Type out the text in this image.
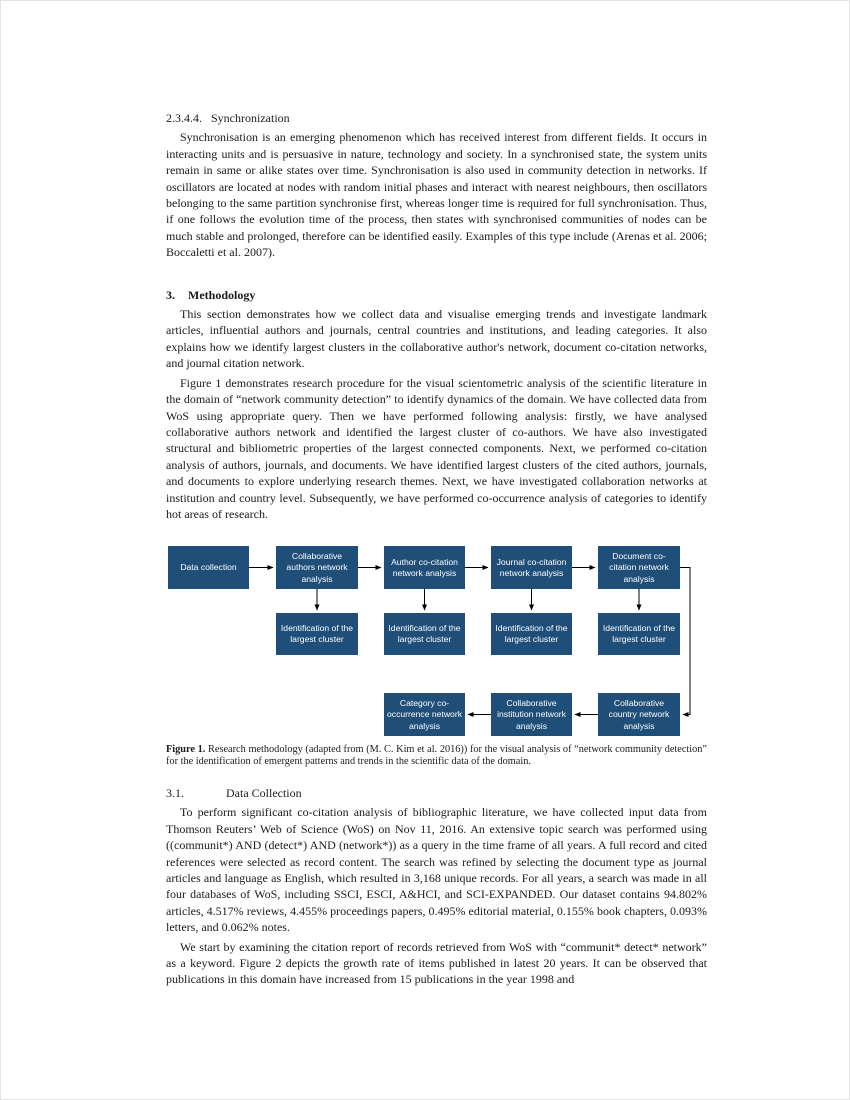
2.3.4.4. Synchronization

Synchronisation is an emerging phenomenon which has received interest from different fields. It occurs in interacting units and is persuasive in nature, technology and society. In a synchronised state, the system units remain in same or alike states over time. Synchronisation is also used in community detection in networks. If oscillators are located at nodes with random initial phases and interact with nearest neighbours, then oscillators belonging to the same partition synchronise first, whereas longer time is required for full synchronisation. Thus, if one follows the evolution time of the process, then states with synchronised communities of nodes can be much stable and prolonged, therefore can be identified easily. Examples of this type include (Arenas et al. 2006; Boccaletti et al. 2007).

3. Methodology

This section demonstrates how we collect data and visualise emerging trends and investigate landmark articles, influential authors and journals, central countries and institutions, and leading categories. It also explains how we identify largest clusters in the collaborative author's network, document co-citation networks, and journal citation network.

Figure 1 demonstrates research procedure for the visual scientometric analysis of the scientific literature in the domain of “network community detection” to identify dynamics of the domain. We have collected data from WoS using appropriate query. Then we have performed following analysis: firstly, we have analysed collaborative authors network and identified the largest cluster of co-authors. We have also investigated structural and bibliometric properties of the largest connected components. Next, we performed co-citation analysis of authors, journals, and documents. We have identified largest clusters of the cited authors, journals, and documents to explore underlying research themes. Next, we have investigated collaboration networks at institution and country level. Subsequently, we have performed co-occurrence analysis of categories to identify hot areas of research.

Data collection
Collaborative authors network analysis
Author co-citation network analysis
Journal co-citation network analysis
Document co-citation network analysis
Identification of the largest cluster
Identification of the largest cluster
Identification of the largest cluster
Identification of the largest cluster
Category co-occurrence network analysis
Collaborative institution network analysis
Collaborative country network analysis

Figure 1. Research methodology (adapted from (M. C. Kim et al. 2016)) for the visual analysis of “network community detection” for the identification of emergent patterns and trends in the scientific data of the domain.

3.1.	Data Collection

To perform significant co-citation analysis of bibliographic literature, we have collected input data from Thomson Reuters’ Web of Science (WoS) on Nov 11, 2016. An extensive topic search was performed using ((communit*) AND (detect*) AND (network*)) as a query in the time frame of all years. A full record and cited references were selected as record content. The search was refined by selecting the document type as journal articles and language as English, which resulted in 3,168 unique records. For all years, a search was made in all four databases of WoS, including SSCI, ESCI, A&HCI, and SCI-EXPANDED. Our dataset contains 94.802% articles, 4.517% reviews, 4.455% proceedings papers, 0.495% editorial material, 0.155% book chapters, 0.093% letters, and 0.062% notes.

We start by examining the citation report of records retrieved from WoS with “communit* detect* network” as a keyword. Figure 2 depicts the growth rate of items published in latest 20 years. It can be observed that publications in this domain have increased from 15 publications in the year 1998 and
